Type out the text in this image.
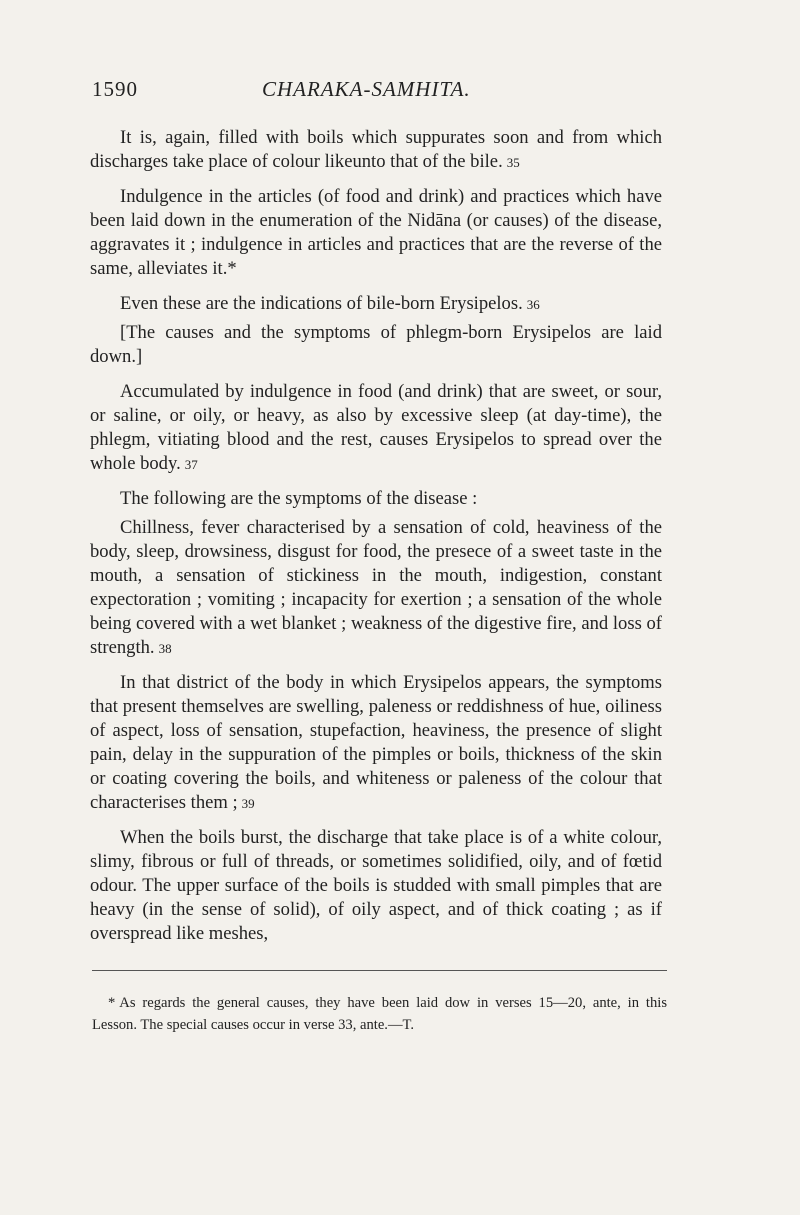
1590	CHARAKA-SAMHITA.

It is, again, filled with boils which suppurates soon and from which discharges take place of colour likeunto that of the bile. 35

Indulgence in the articles (of food and drink) and practices which have been laid down in the enumeration of the Nidāna (or causes) of the disease, aggravates it ; indulgence in articles and practices that are the reverse of the same, alleviates it.*

Even these are the indications of bile-born Erysipelos. 36

[The causes and the symptoms of phlegm-born Erysipelos are laid down.]

Accumulated by indulgence in food (and drink) that are sweet, or sour, or saline, or oily, or heavy, as also by excessive sleep (at day-time), the phlegm, vitiating blood and the rest, causes Erysipelos to spread over the whole body. 37

The following are the symptoms of the disease :

Chillness, fever characterised by a sensation of cold, heaviness of the body, sleep, drowsiness, disgust for food, the presece of a sweet taste in the mouth, a sensation of stickiness in the mouth, indigestion, constant expectoration ; vomiting ; incapacity for exertion ; a sensation of the whole being covered with a wet blanket ; weakness of the digestive fire, and loss of strength. 38

In that district of the body in which Erysipelos appears, the symptoms that present themselves are swelling, paleness or reddishness of hue, oiliness of aspect, loss of sensation, stupefaction, heaviness, the presence of slight pain, delay in the suppuration of the pimples or boils, thickness of the skin or coating covering the boils, and whiteness or paleness of the colour that characterises them ; 39

When the boils burst, the discharge that take place is of a white colour, slimy, fibrous or full of threads, or sometimes solidified, oily, and of fœtid odour. The upper surface of the boils is studded with small pimples that are heavy (in the sense of solid), of oily aspect, and of thick coating ; as if overspread like meshes,

* As regards the general causes, they have been laid dow in verses 15—20, ante, in this Lesson. The special causes occur in verse 33, ante.—T.
